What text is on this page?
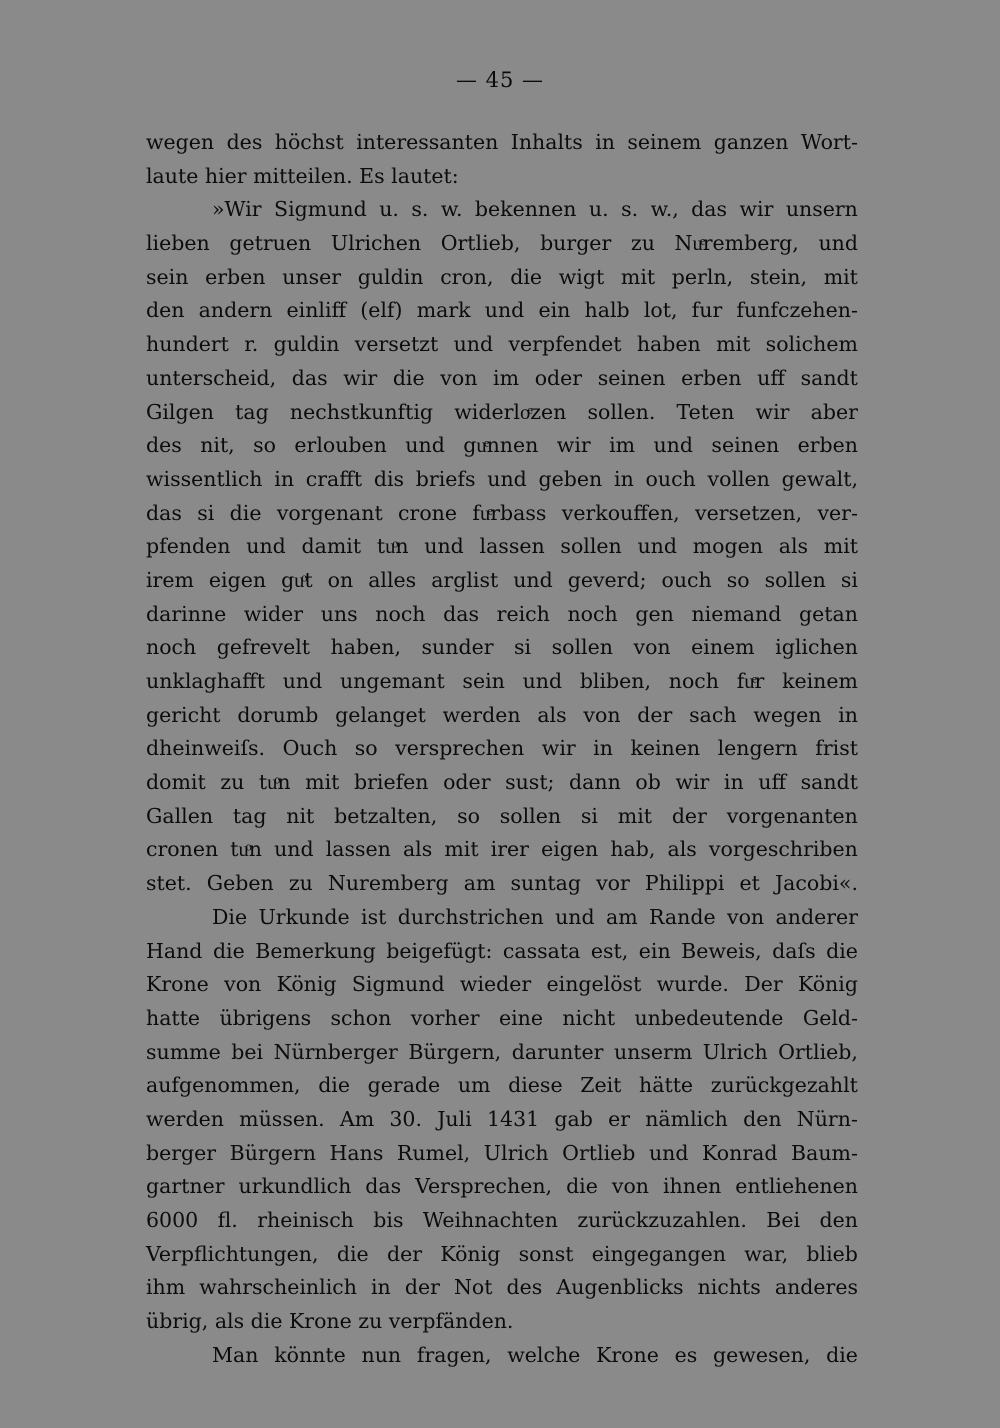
— 45 —
wegen des höchst interessanten Inhalts in seinem ganzen Wort-
laute hier mitteilen. Es lautet:
»Wir Sigmund u. s. w. bekennen u. s. w., das wir unsern
lieben getruen Ulrichen Ortlieb, burger zu Nuͤremberg, und
sein erben unser guldin cron, die wigt mit perln, stein, mit
den andern einliff (elf) mark und ein halb lot, fur funfczehen-
hundert r. guldin versetzt und verpfendet haben mit solichem
unterscheid, das wir die von im oder seinen erben uff sandt
Gilgen tag nechstkunftig widerloͤzen sollen. Teten wir aber
des nit, so erlouben und guͤnnen wir im und seinen erben
wissentlich in crafft dis briefs und geben in ouch vollen gewalt,
das si die vorgenant crone fuͤrbass verkouffen, versetzen, ver-
pfenden und damit tuͦn und lassen sollen und mogen als mit
irem eigen guͦt on alles arglist und geverd; ouch so sollen si
darinne wider uns noch das reich noch gen niemand getan
noch gefrevelt haben, sunder si sollen von einem iglichen
unklaghafft und ungemant sein und bliben, noch fuͤr keinem
gericht dorumb gelanget werden als von der sach wegen in
dheinweiſs. Ouch so versprechen wir in keinen lengern frist
domit zu tuͦn mit briefen oder sust; dann ob wir in uff sandt
Gallen tag nit betzalten, so sollen si mit der vorgenanten
cronen tuͦn und lassen als mit irer eigen hab, als vorgeschriben
stet. Geben zu Nuremberg am suntag vor Philippi et Jacobi«.
Die Urkunde ist durchstrichen und am Rande von anderer
Hand die Bemerkung beigefügt: cassata est, ein Beweis, daſs die
Krone von König Sigmund wieder eingelöst wurde. Der König
hatte übrigens schon vorher eine nicht unbedeutende Geld-
summe bei Nürnberger Bürgern, darunter unserm Ulrich Ortlieb,
aufgenommen, die gerade um diese Zeit hätte zurückgezahlt
werden müssen. Am 30. Juli 1431 gab er nämlich den Nürn-
berger Bürgern Hans Rumel, Ulrich Ortlieb und Konrad Baum-
gartner urkundlich das Versprechen, die von ihnen entliehenen
6000 fl. rheinisch bis Weihnachten zurückzuzahlen. Bei den
Verpflichtungen, die der König sonst eingegangen war, blieb
ihm wahrscheinlich in der Not des Augenblicks nichts anderes
übrig, als die Krone zu verpfänden.
Man könnte nun fragen, welche Krone es gewesen, die
